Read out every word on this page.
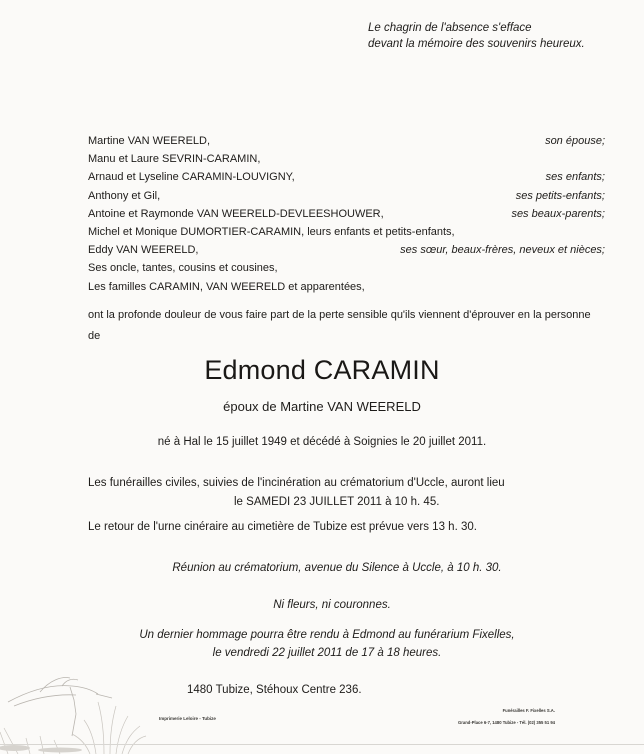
Le chagrin de l'absence s'efface
devant la mémoire des souvenirs heureux.
Martine VAN WEERELD,	son épouse;
Manu et Laure SEVRIN-CARAMIN,
Arnaud et Lyseline CARAMIN-LOUVIGNY,	ses enfants;
Anthony et Gil,	ses petits-enfants;
Antoine et Raymonde VAN WEERELD-DEVLEESHOUWER,	ses beaux-parents;
Michel et Monique DUMORTIER-CARAMIN, leurs enfants et petits-enfants,
Eddy VAN WEERELD,	ses sœur, beaux-frères, neveux et nièces;
Ses oncle, tantes, cousins et cousines,
Les familles CARAMIN, VAN WEERELD et apparentées,
ont la profonde douleur de vous faire part de la perte sensible qu'ils viennent d'éprouver en la personne de
Edmond CARAMIN
époux de Martine VAN WEERELD
né à Hal le 15 juillet 1949 et décédé à Soignies le 20 juillet 2011.
Les funérailles civiles, suivies de l'incinération au crématorium d'Uccle, auront lieu
le SAMEDI 23 JUILLET 2011 à 10 h. 45.
Le retour de l'urne cinéraire au cimetière de Tubize est prévue vers 13 h. 30.
Réunion au crématorium, avenue du Silence à Uccle, à 10 h. 30.
Ni fleurs, ni couronnes.
Un dernier hommage pourra être rendu à Edmond au funérarium Fixelles,
le vendredi 22 juillet 2011 de 17 à 18 heures.
1480 Tubize, Stéhoux Centre 236.
Imprimerie Leloire - Tubize
Funérailles F. Fixelles S.A.
Grand-Place 6-7, 1480 Tubize - Tél. (02) 355 51 94
